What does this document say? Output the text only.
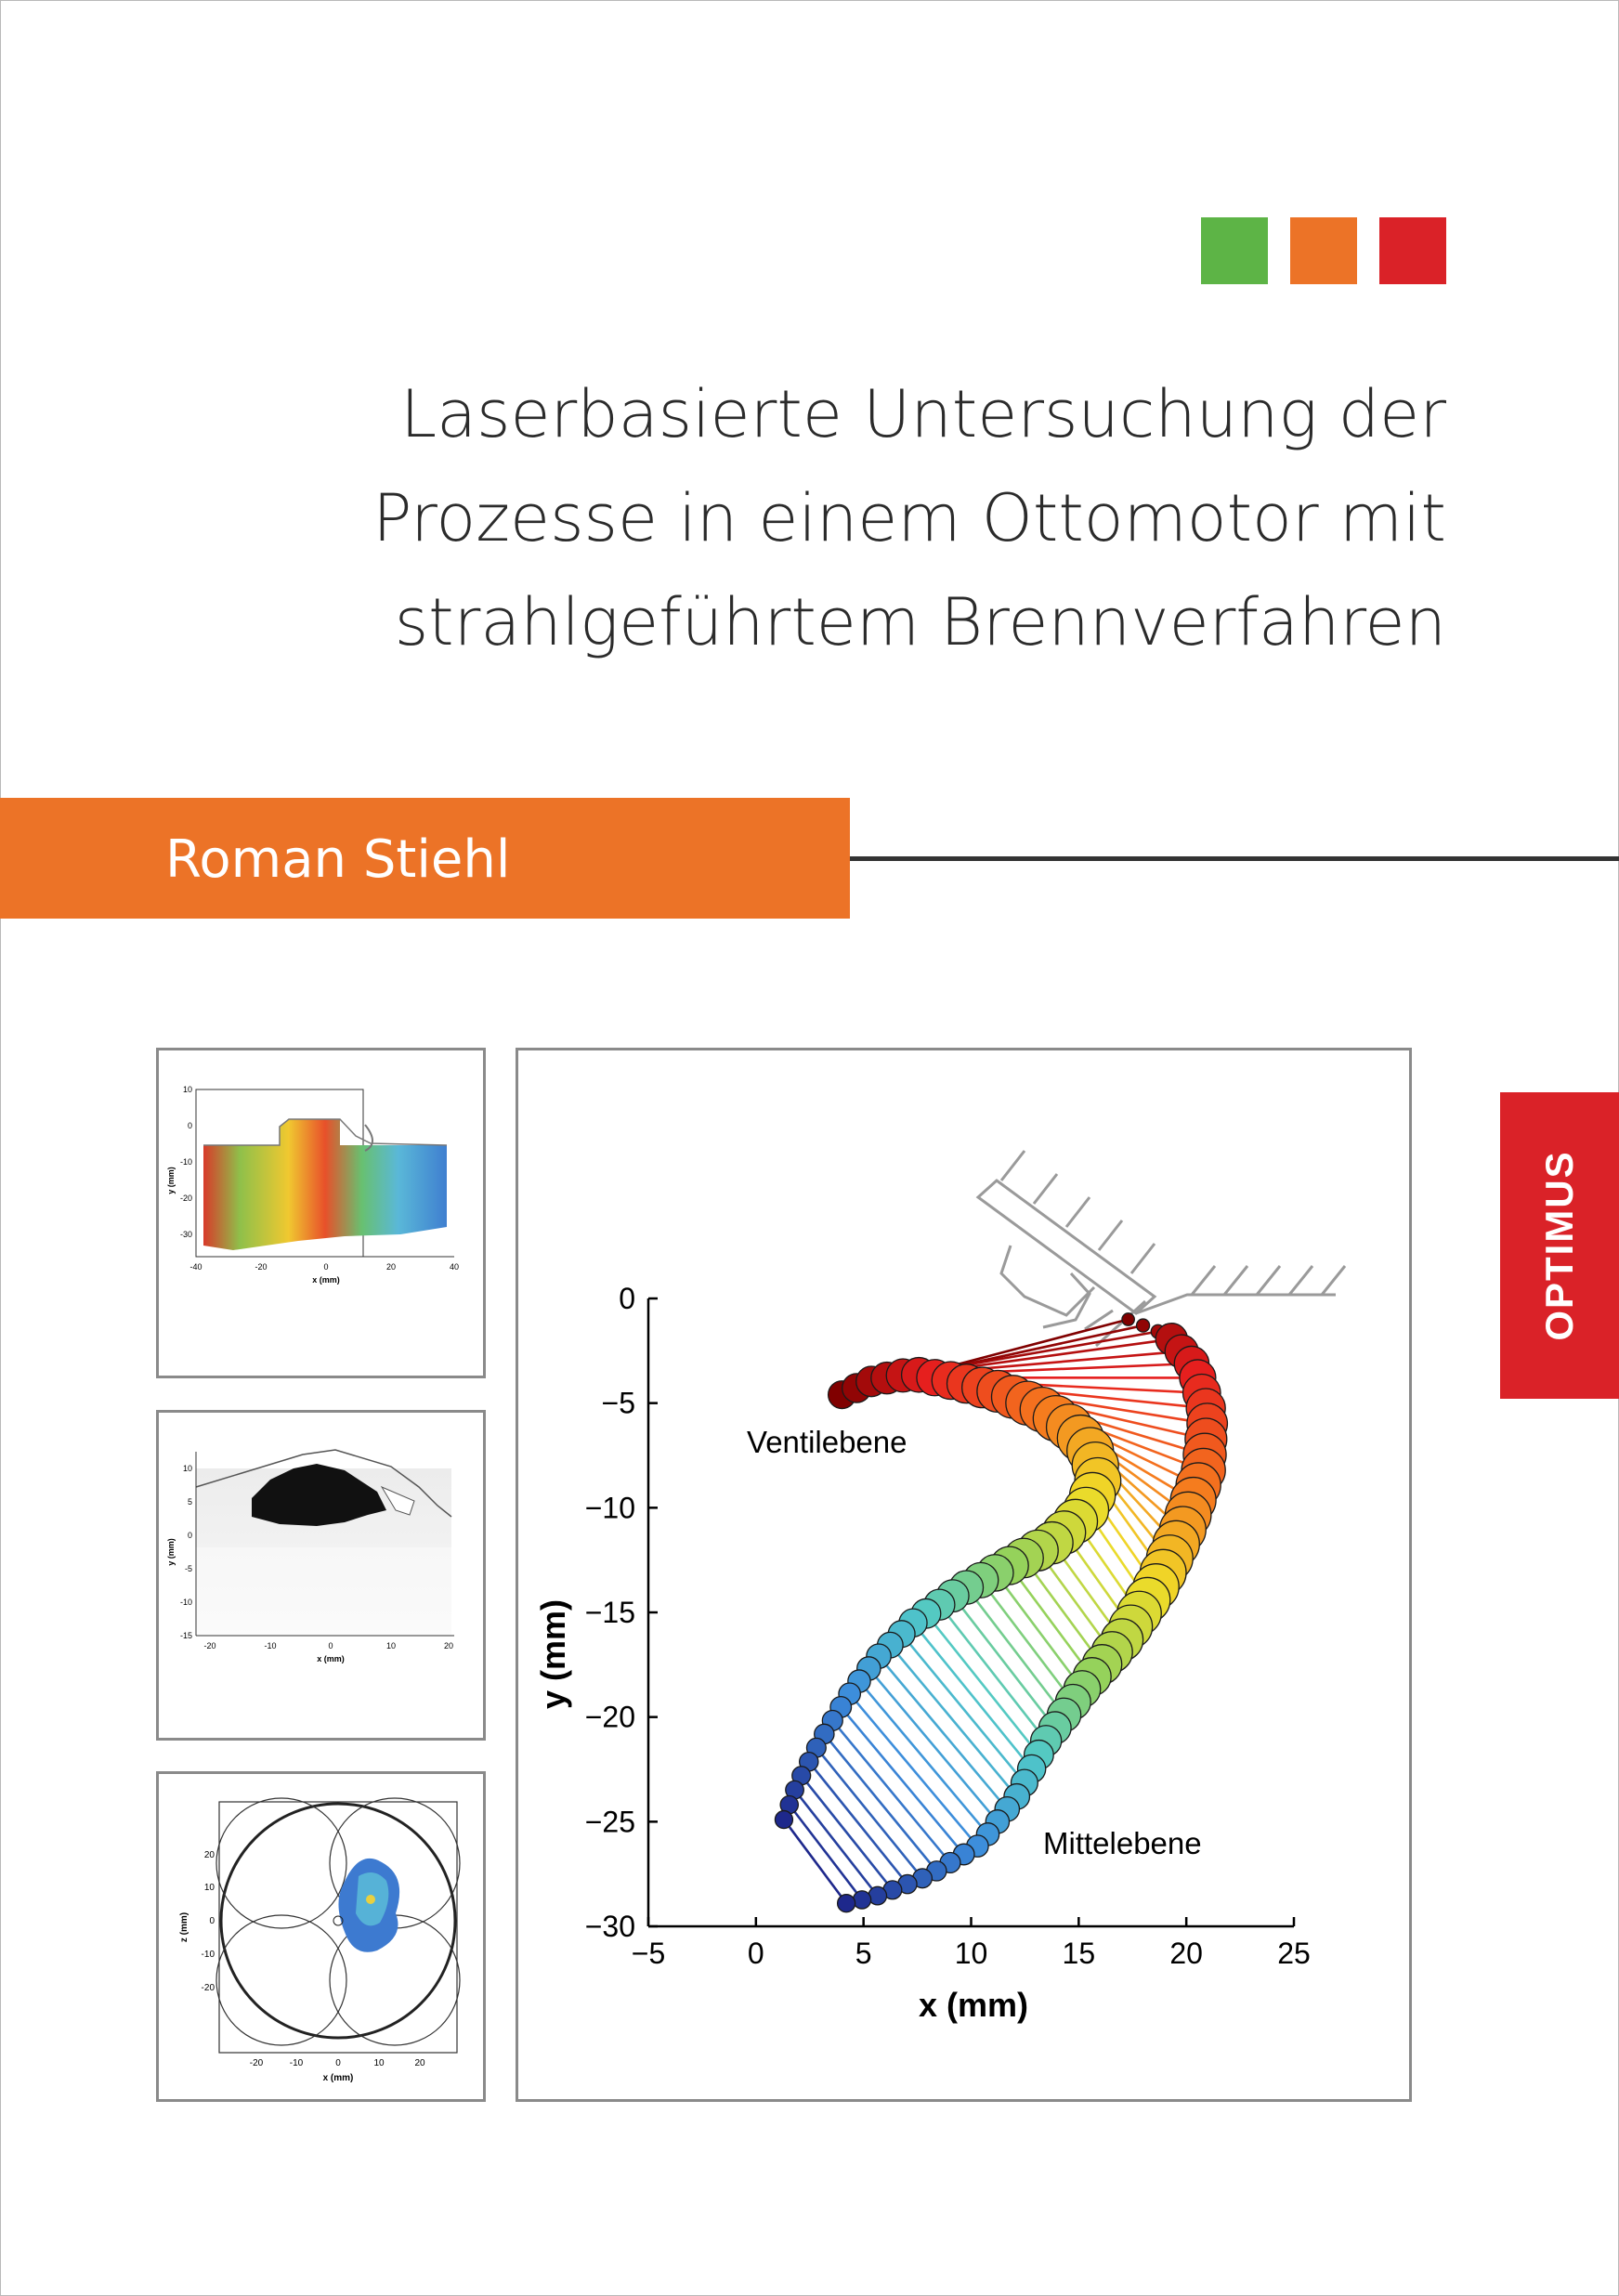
Laserbasierte Untersuchung der
Prozesse in einem Ottomotor mit
strahlgeführtem Brennverfahren
Roman Stiehl
OPTIMUS
10
0
-10
-20
-30
-40	-20	0	20	40
x (mm)
y (mm)
10
5
0
-5
-10
-15
-20	-10	0	10	20
x (mm)
y (mm)
20
10
0
-10
-20
-20	-10	0	10	20
x (mm)
z (mm)
−5	0	5	10	15	20	25
0
−5
−10
−15
−20
−25
−30
Ventilebene
Mittelebene
x (mm)
y (mm)
